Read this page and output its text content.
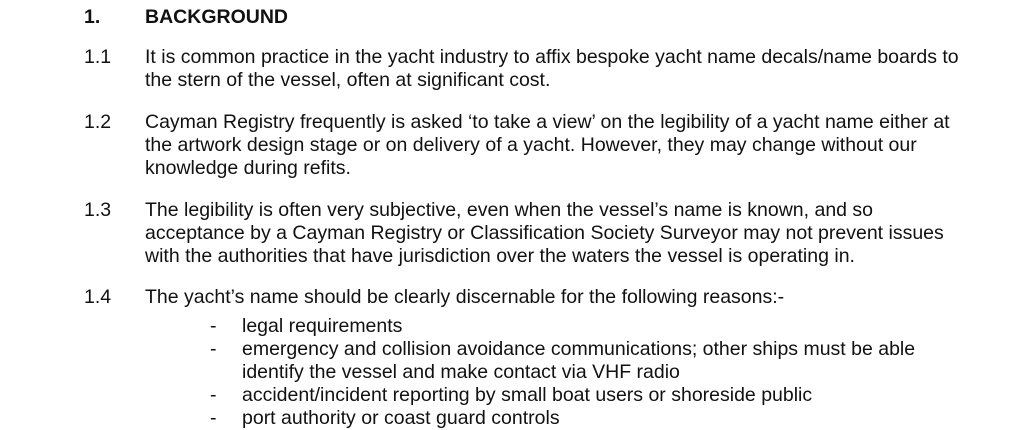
1. BACKGROUND
1.1 It is common practice in the yacht industry to affix bespoke yacht name decals/name boards to the stern of the vessel, often at significant cost.
1.2 Cayman Registry frequently is asked ‘to take a view’ on the legibility of a yacht name either at the artwork design stage or on delivery of a yacht. However, they may change without our knowledge during refits.
1.3 The legibility is often very subjective, even when the vessel’s name is known, and so acceptance by a Cayman Registry or Classification Society Surveyor may not prevent issues with the authorities that have jurisdiction over the waters the vessel is operating in.
1.4 The yacht’s name should be clearly discernable for the following reasons:-
- legal requirements
- emergency and collision avoidance communications; other ships must be able identify the vessel and make contact via VHF radio
- accident/incident reporting by small boat users or shoreside public
- port authority or coast guard controls
